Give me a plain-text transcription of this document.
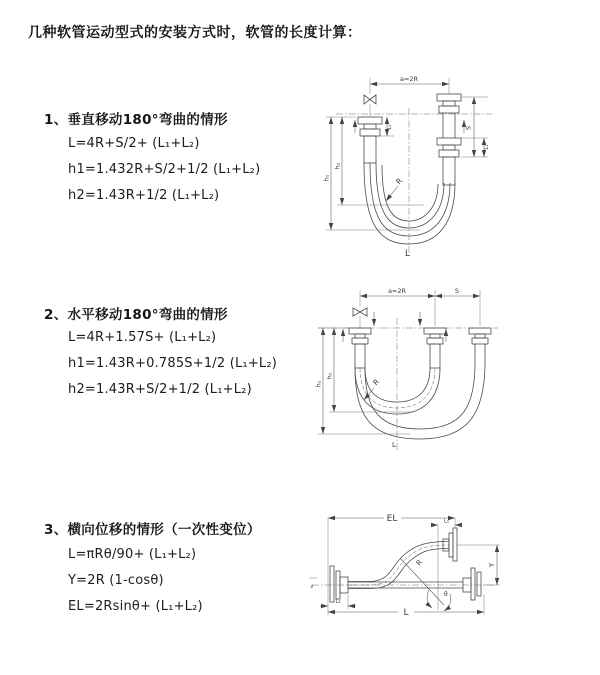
几种软管运动型式的安装方式时，软管的长度计算：
1、垂直移动180°弯曲的情形
L=4R+S/2+ (L₁+L₂)
h1=1.432R+S/2+1/2 (L₁+L₂)
h2=1.43R+1/2 (L₁+L₂)
2、水平移动180°弯曲的情形
L=4R+1.57S+ (L₁+L₂)
h1=1.43R+0.785S+1/2 (L₁+L₂)
h2=1.43R+S/2+1/2 (L₁+L₂)
3、横向位移的情形（一次性变位）
L=πRθ/90+ (L₁+L₂)
Y=2R (1-cosθ)
EL=2Rsinθ+ (L₁+L₂)
a=2R
h₁
h₂
L₁	S
L₁
R
L
a=2R	S
h₁
h₂
R
L
EL	L₁
z
R
θ
Y
L₂
L
